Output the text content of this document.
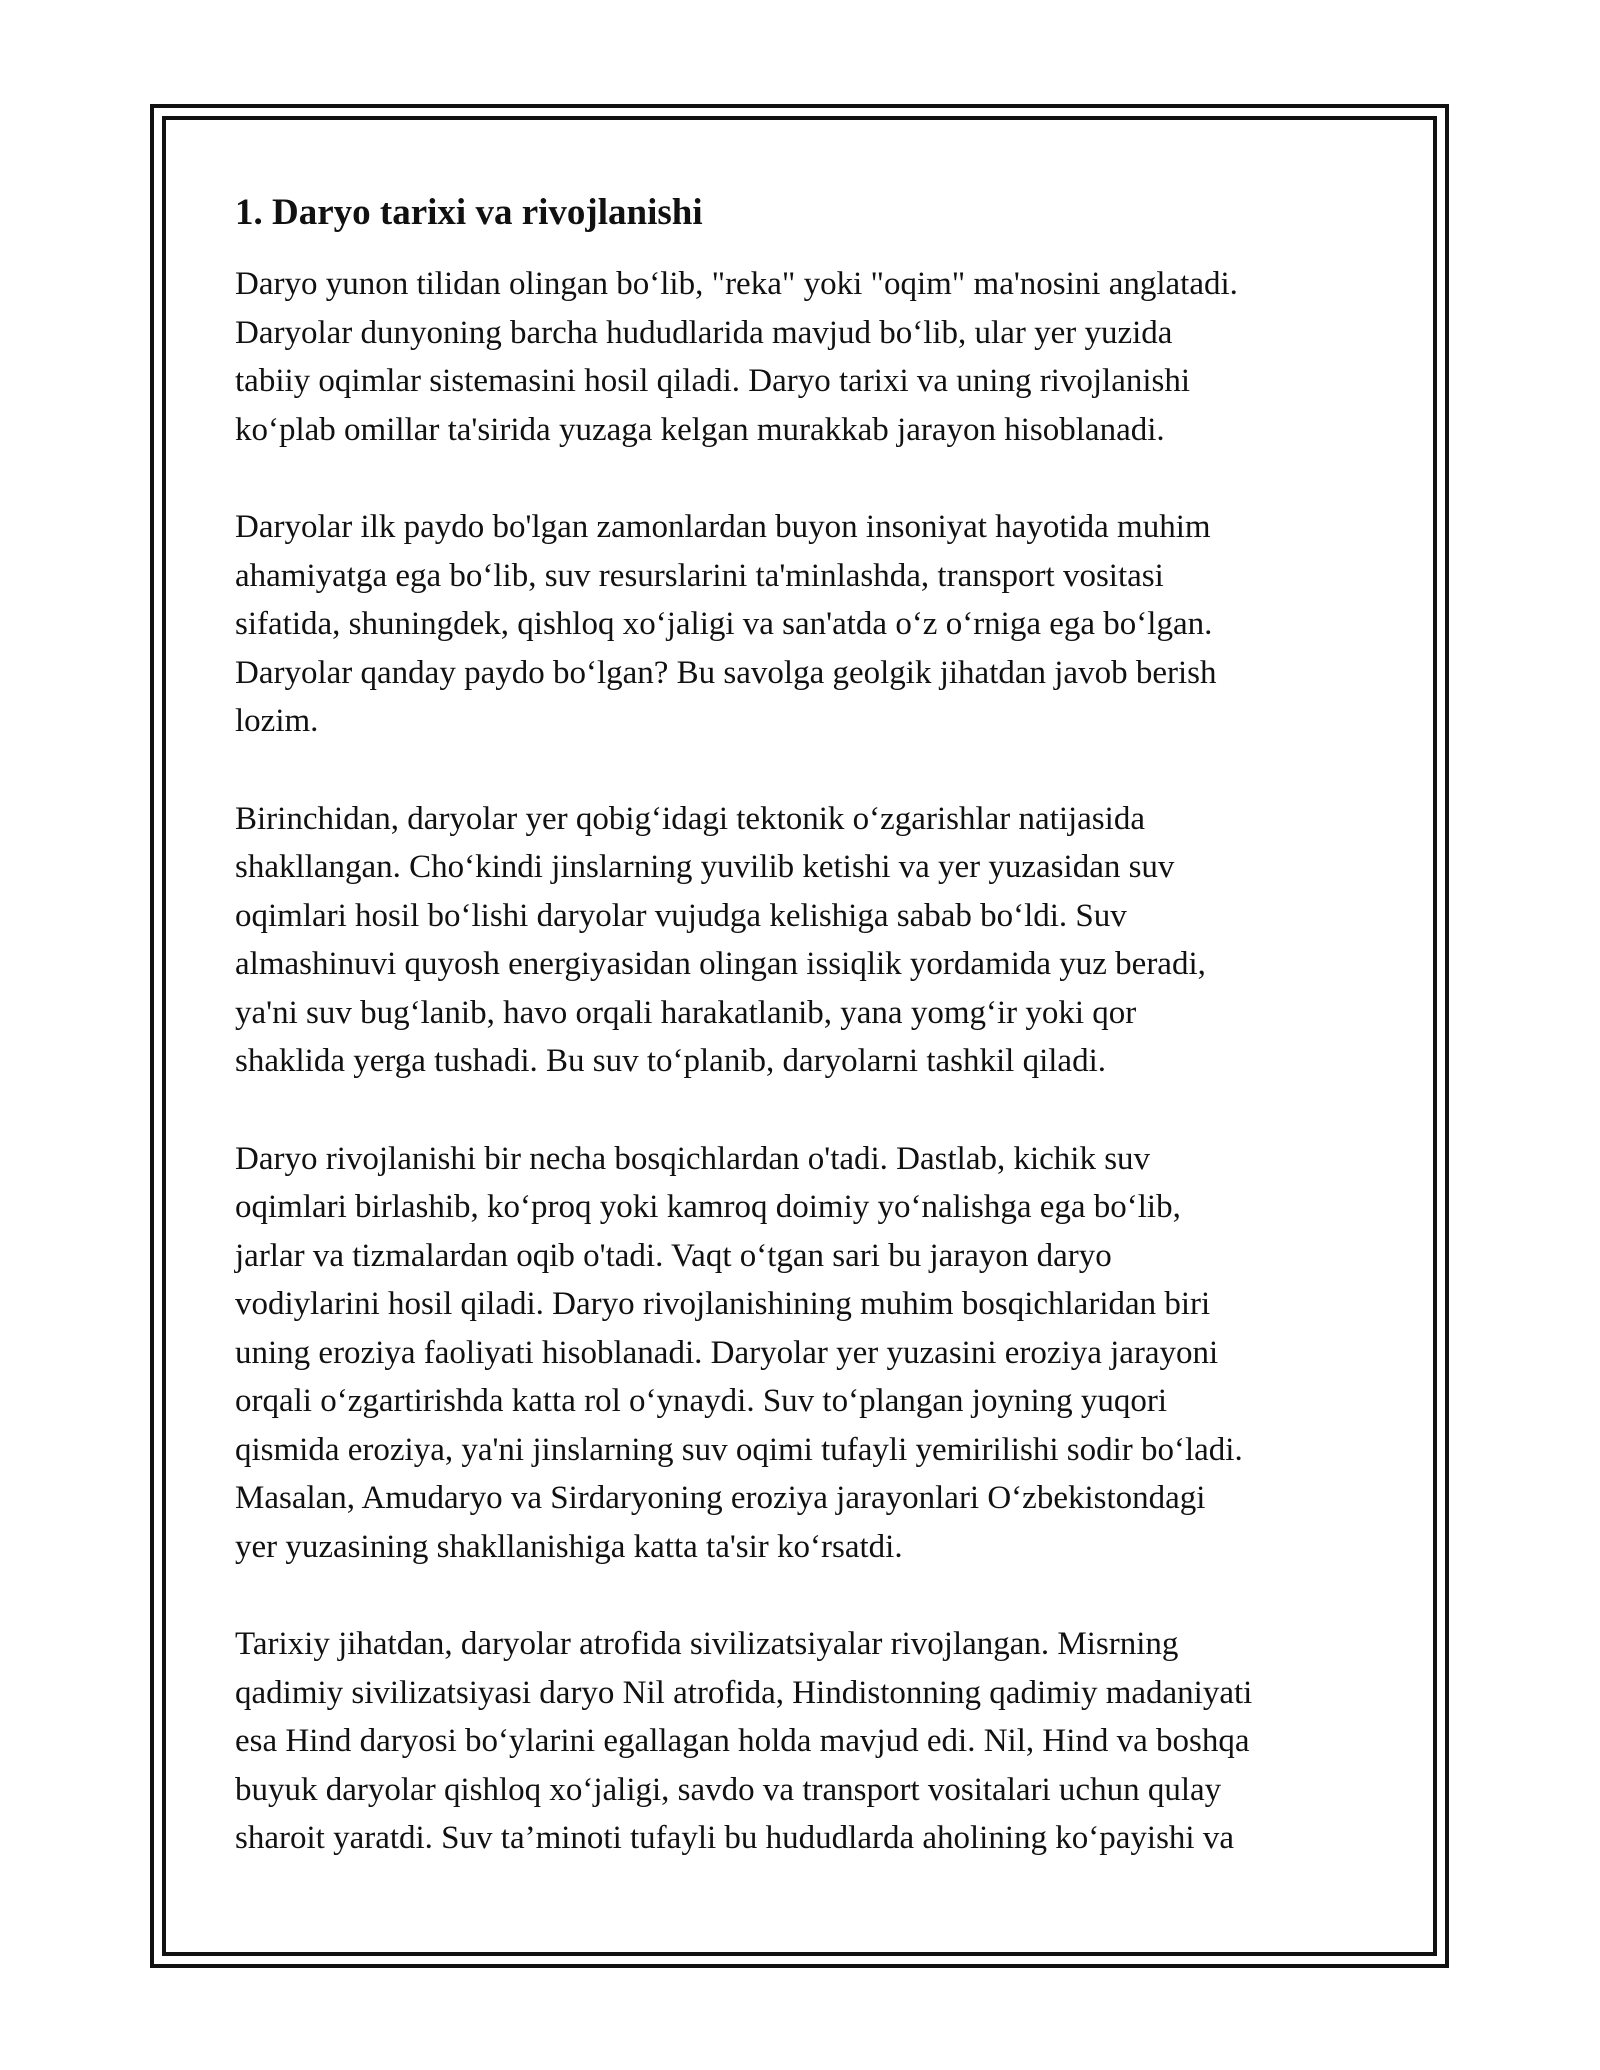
1. Daryo tarixi va rivojlanishi

Daryo yunon tilidan olingan bo‘lib, "reka" yoki "oqim" ma'nosini anglatadi.
Daryolar dunyoning barcha hududlarida mavjud bo‘lib, ular yer yuzida
tabiiy oqimlar sistemasini hosil qiladi. Daryo tarixi va uning rivojlanishi
ko‘plab omillar ta'sirida yuzaga kelgan murakkab jarayon hisoblanadi.

Daryolar ilk paydo bo'lgan zamonlardan buyon insoniyat hayotida muhim
ahamiyatga ega bo‘lib, suv resurslarini ta'minlashda, transport vositasi
sifatida, shuningdek, qishloq xo‘jaligi va san'atda o‘z o‘rniga ega bo‘lgan.
Daryolar qanday paydo bo‘lgan? Bu savolga geolgik jihatdan javob berish
lozim.

Birinchidan, daryolar yer qobig‘idagi tektonik o‘zgarishlar natijasida
shakllangan. Cho‘kindi jinslarning yuvilib ketishi va yer yuzasidan suv
oqimlari hosil bo‘lishi daryolar vujudga kelishiga sabab bo‘ldi. Suv
almashinuvi quyosh energiyasidan olingan issiqlik yordamida yuz beradi,
ya'ni suv bug‘lanib, havo orqali harakatlanib, yana yomg‘ir yoki qor
shaklida yerga tushadi. Bu suv to‘planib, daryolarni tashkil qiladi.

Daryo rivojlanishi bir necha bosqichlardan o'tadi. Dastlab, kichik suv
oqimlari birlashib, ko‘proq yoki kamroq doimiy yo‘nalishga ega bo‘lib,
jarlar va tizmalardan oqib o'tadi. Vaqt o‘tgan sari bu jarayon daryo
vodiylarini hosil qiladi. Daryo rivojlanishining muhim bosqichlaridan biri
uning eroziya faoliyati hisoblanadi. Daryolar yer yuzasini eroziya jarayoni
orqali o‘zgartirishda katta rol o‘ynaydi. Suv to‘plangan joyning yuqori
qismida eroziya, ya'ni jinslarning suv oqimi tufayli yemirilishi sodir bo‘ladi.
Masalan, Amudaryo va Sirdaryoning eroziya jarayonlari O‘zbekistondagi
yer yuzasining shakllanishiga katta ta'sir ko‘rsatdi.

Tarixiy jihatdan, daryolar atrofida sivilizatsiyalar rivojlangan. Misrning
qadimiy sivilizatsiyasi daryo Nil atrofida, Hindistonning qadimiy madaniyati
esa Hind daryosi bo‘ylarini egallagan holda mavjud edi. Nil, Hind va boshqa
buyuk daryolar qishloq xo‘jaligi, savdo va transport vositalari uchun qulay
sharoit yaratdi. Suv ta’minoti tufayli bu hududlarda aholining ko‘payishi va
